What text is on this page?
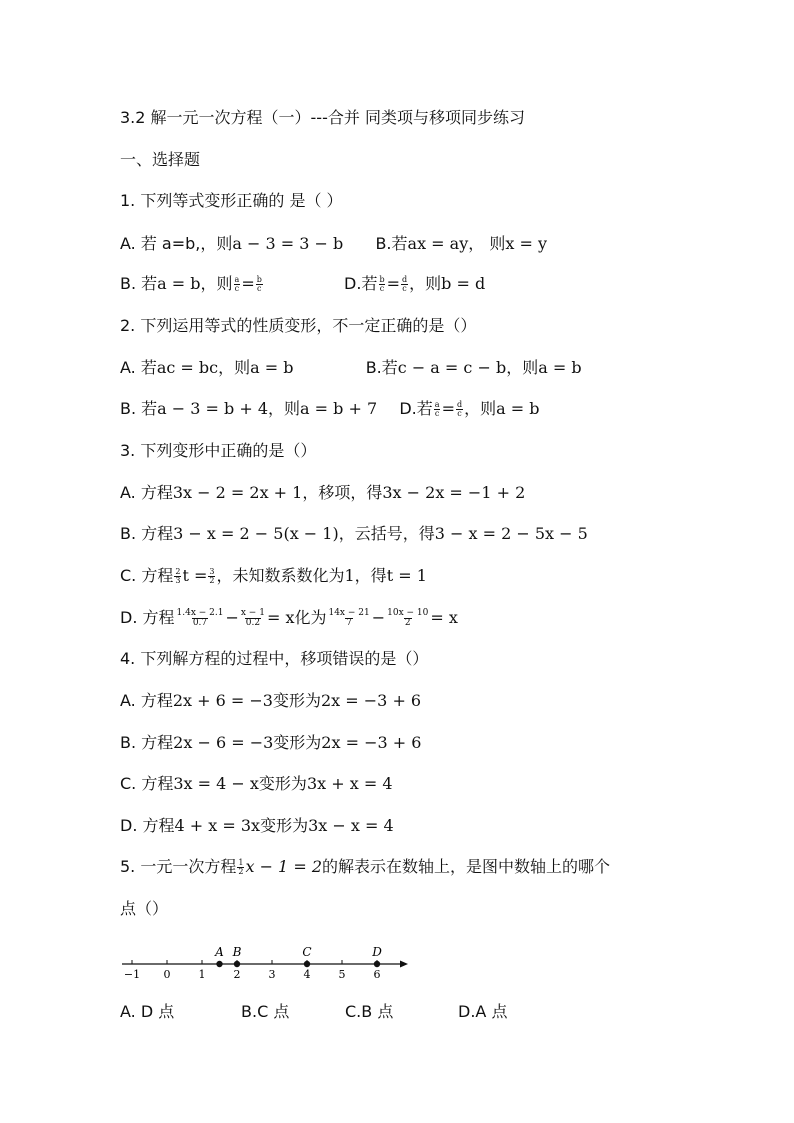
3.2 解一元一次方程（一）---合并 同类项与移项同步练习
一、选择题
1. 下列等式变形正确的 是（ ）
A. 若 a=b,，则a − 3 = 3 − b B.若ax = ay， 则x = y
B. 若a = b，则 $\frac{a}{c} = \frac{b}{c}$	D.若 $\frac{b}{c} = \frac{d}{c}$ ，则b = d
2. 下列运用等式的性质变形，不一定正确的是（）
A. 若ac = bc，则a = b	B.若c − a = c − b，则a = b
B. 若a − 3 = b + 4，则a = b + 7 D.若 $\frac{a}{c} = \frac{d}{c}$ ，则a = b
3. 下列变形中正确的是（）
A. 方程3x − 2 = 2x + 1，移项，得3x − 2x = −1 + 2
B. 方程3 − x = 2 − 5(x − 1)，云括号，得3 − x = 2 − 5x − 5
C. 方程 $\frac{2}{3}$ $t = \frac{3}{2}$ ，未知数系数化为1，得t = 1
D. 方程 $\frac{1.4x - 2.1}{0.7} - \frac{x - 1}{0.2} = x$化为 $\frac{14x - 21}{7} - \frac{10x - 10}{2} = x$
4. 下列解方程的过程中，移项错误的是（）
A. 方程2x + 6 = −3变形为2x = −3 + 6
B. 方程2x − 6 = −3变形为2x = −3 + 6
C. 方程3x = 4 − x变形为3x + x = 4
D. 方程4 + x = 3x变形为3x − x = 4
5. 一元一次方程 $\frac{1}{2}$ x − 1 = 2的解表示在数轴上，是图中数轴上的哪个
点（）
−1 0	1	2	3	4	5	6
A B	C	D
A. D 点	B.C 点	C.B 点	D.A 点
